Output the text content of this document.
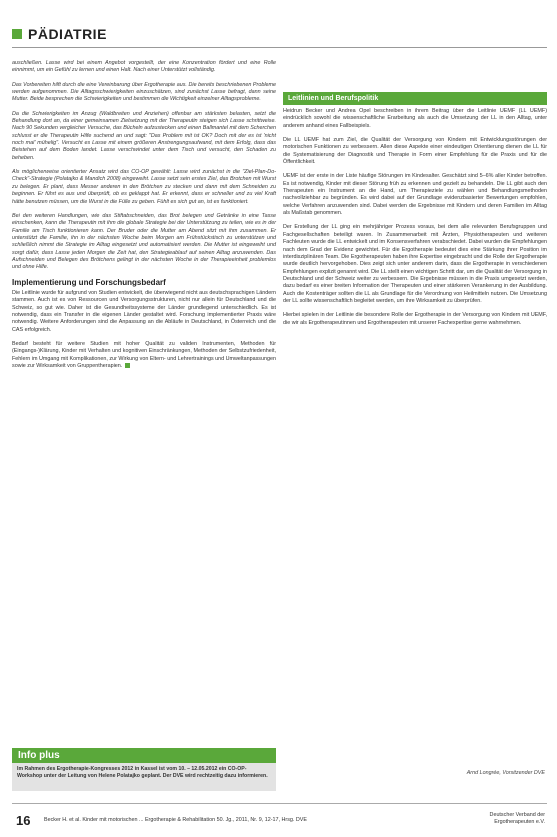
PÄDIATRIE

auschließen. Lasse wird bei einem Angebot vorgestellt, der eine Konzentration fördert und eine Rolle einnimmt, um ein Gefühl zu lernen und einen Halt. Nach einer Unterstützt vollständig.

Das Vorbereiten hilft durch die eine Vereinbarung über Ergotherapie aus. Die bereits beschriebenen Probleme werden aufgenommen. Die Alltagsschwierigkeiten einzuschätzen, sind zunächst Lasse befragt, dann seine Mutter. Beide besprechen die Schwierigkeiten und bestimmen die Wichtigkeit einzelner Alltagsprobleme.

Da die Schwierigkeiten im Anzug (Waldbreiten und Anziehen) offenbar am stärksten belasten, setzt die Behandlung dort an, da einer gemeinsamen Zielsetzung mit der Therapeutin steigen sich Lasse schrittweise. Nach 90 Sekunden vergleicher Versuche, das Bücheln aufzustecken und einen Ballmantel mit dem Scherchen schlusst er die Therapeutin Hilfe suchend an und sagt: "Das Problem mit ist OK? Doch mit der es ist 'nicht noch mal' mühelig". Versucht es Lasse mit einem größeren Anstrengungsaufwand, mit dem Erfolg, dass das Beistehen auf dem Boden landet. Lasse verschwindet unter dem Tisch und versucht, den Schaden zu beheben.

Als möglicherweise orientierter Ansatz wird das CO-OP gewählt: Lasse wird zunächst in die "Ziel-Plan-Do-Check"-Strategie (Polatajko & Mandich 2008) eingeweiht. Lasse setzt sein erstes Ziel, das Brotchen mit Wurst zu belegen. Er plant, dass Messer anderen in den Brötchen zu stecken und dann mit dem Schneiden zu beginnen. Er führt es aus und überprüft, ob es geklappt hat. Er erkennt, dass er schneller und zu viel Kraft hätte benutzen müssen, um die Wurst in die Fülle zu geben. Fühlt es sich gut an, ist es funktioniert.

Bei den weiteren Handlungen, wie das Stiftabschneiden, das Brot belegen und Getränke in eine Tasse einschenken, kann die Therapeutin mit ihm die globale Strategie bei der Unterstützung zu teilen, wie es in der Familie am Tisch funktionieren kann. Der Bruder oder die Mutter am Abend sitzt mit ihm zusammen. Er unterstützt die Familie, ihn in der nächsten Woche beim Morgen am Frühstückstisch zu unterstützen und schließlich nimmt die Strategie im Alltag eingesetzt und automatisiert werden. Die Mutter ist eingeweiht und sorgt dafür, dass Lasse jeden Morgen die Zeit hat, den Strategieablauf auf seinen Alltag anzuwenden. Das Aufschneiden und Belegen des Brötchens gelingt in der nächsten Woche in der Therapieeinheit problemlos und ohne Hilfe.

Implementierung und Forschungsbedarf

Die Leitlinie wurde für aufgrund von Studien entwickelt, die überwiegend nicht aus deutschsprachigen Ländern stammen. Auch ist es von Ressourcen und Versorgungsstrukturen, nicht nur allein für Deutschland und die Schweiz, so gut wie. Daher ist die Gesundheitssysteme der Länder grundlegend unterschiedlich. Es ist notwendig, dass ein Transfer in die eigenen Länder gestaltet wird. Forschung implementierter Praxis wäre notwendig. Weitere Anforderungen sind die Anpassung an die Abläufe in Deutschland, in Österreich und die CAS erfolgreich.

Bedarf besteht für weitere Studien mit hoher Qualität zu validen Instrumenten, Methoden für (Eingangs-)Klärung, Kinder mit Verhalten und kognitiven Einschränkungen, Methoden der Selbstzufriedenheit, Fehlern im Umgang mit Komplikationen, zur Wirkung von Eltern- und Lehrertrainings und Umweltanpassungen sowie zur Wirksamkeit von Gruppentherapien.

Info plus
Im Rahmen des Ergotherapie-Kongresses 2012 in Kassel ist vom 10. – 12.05.2012 ein CO-OP-Workshop unter der Leitung von Helene Polatajko geplant. Der DVE wird rechtzeitig dazu informieren.
Leitlinien und Berufspolitik

Heidrun Becker und Andrea Opel beschreiben in ihrem Beitrag über die Leitlinie UEMF (LL UEMF) eindrücklich sowohl die wissenschaftliche Erarbeitung als auch die Umsetzung der LL in den Alltag, unter anderem anhand eines Fallbeispiels.

Die LL UEMF hat zum Ziel, die Qualität der Versorgung von Kindern mit Entwicklungsstörungen der motorischen Funktionen zu verbessern. Allen diese Aspekte einer eindeutigen Orientierung dienen die LL für die Systematisierung der Diagnostik und Therapie in Form einer Empfehlung für die Praxis und für die Öffentlichkeit.

UEMF ist der erste in der Liste häufige Störungen im Kindesalter. Geschätzt sind 5–6% aller Kinder betroffen. Es ist notwendig, Kinder mit dieser Störung früh zu erkennen und gezielt zu behandeln. Die LL gibt auch den Therapeuten ein Instrument an die Hand, um Therapieziele zu wählen und Behandlungsmethoden nachvollziehbar zu begründen. Es wird dabei auf der Grundlage evidenzbasierter Bewertungen empfohlen, welche Verfahren anzuwenden sind. Dabei werden die Ergebnisse mit Kindern und deren Familien im Alltag als Maßstab genommen.

Der Erstellung der LL ging ein mehrjähriger Prozess voraus, bei dem alle relevanten Berufsgruppen und Fachgesellschaften beteiligt waren. In Zusammenarbeit mit Ärzten, Physiotherapeuten und weiteren Fachleuten wurde die LL entwickelt und im Konsensverfahren verabschiedet. Dabei wurden die Empfehlungen nach dem Grad der Evidenz gewichtet. Für die Ergotherapie bedeutet dies eine Stärkung ihrer Position im interdisziplinären Team. Die Ergotherapeuten haben ihre Expertise eingebracht und die Rolle der Ergotherapie wurde deutlich hervorgehoben. Dies zeigt sich unter anderem darin, dass die Ergotherapie in verschiedenen Empfehlungen explizit genannt wird. Die LL stellt einen wichtigen Schritt dar, um die Qualität der Versorgung in Deutschland und der Schweiz weiter zu verbessern. Die Ergebnisse müssen in die Praxis umgesetzt werden, dazu bedarf es einer breiten Information der Therapeuten und einer stärkeren Verankerung in der Ausbildung. Auch die Kostenträger sollten die LL als Grundlage für die Verordnung von Heilmitteln nutzen. Die Umsetzung der LL sollte wissenschaftlich begleitet werden, um ihre Wirksamkeit zu überprüfen.

Hierbei spielen in der Leitlinie die besondere Rolle der Ergotherapie in der Versorgung von Kindern mit UEMF, die wir als Ergotherapeutinnen und Ergotherapeuten mit unserer Fachexpertise gerne wahrnehmen.

Arnd Longrée, Vorsitzender DVE
16	Becker H. et al. Kinder mit motorischen ... Ergotherapie & Rehabilitation 50. Jg., 2011, Nr. 9, 12-17, Hrsg. DVE
Deutscher Verband der
Ergotherapeuten e.V.
